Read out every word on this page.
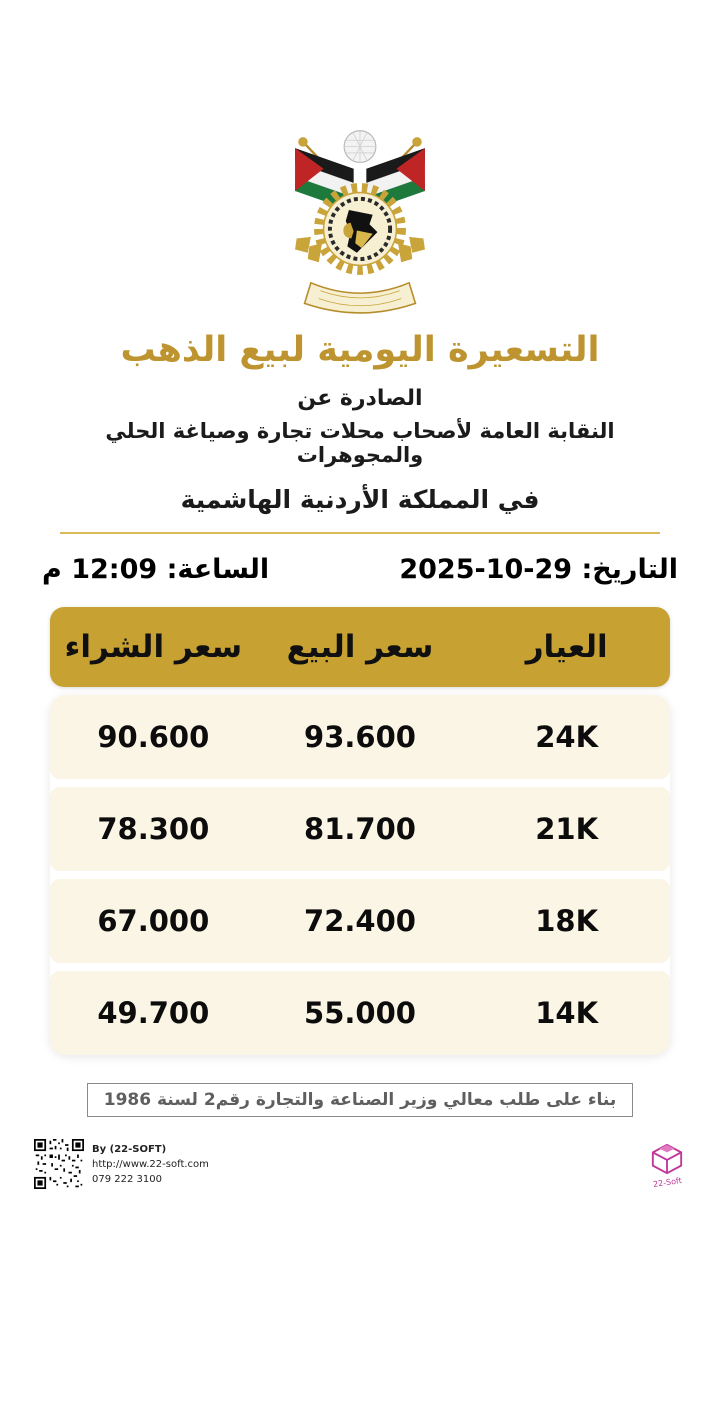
التسعيرة اليومية لبيع الذهب
الصادرة عن
النقابة العامة لأصحاب محلات تجارة وصياغة الحلي والمجوهرات
في المملكة الأردنية الهاشمية
التاريخ: 29-10-2025
الساعة: 12:09 م
العيار
سعر البيع
سعر الشراء
24K
93.600
90.600
21K
81.700
78.300
18K
72.400
67.000
14K
55.000
49.700
بناء على طلب معالي وزير الصناعة والتجارة رقم2 لسنة 1986
22-Soft
By (22-SOFT)
http://www.22-soft.com
079 222 3100
